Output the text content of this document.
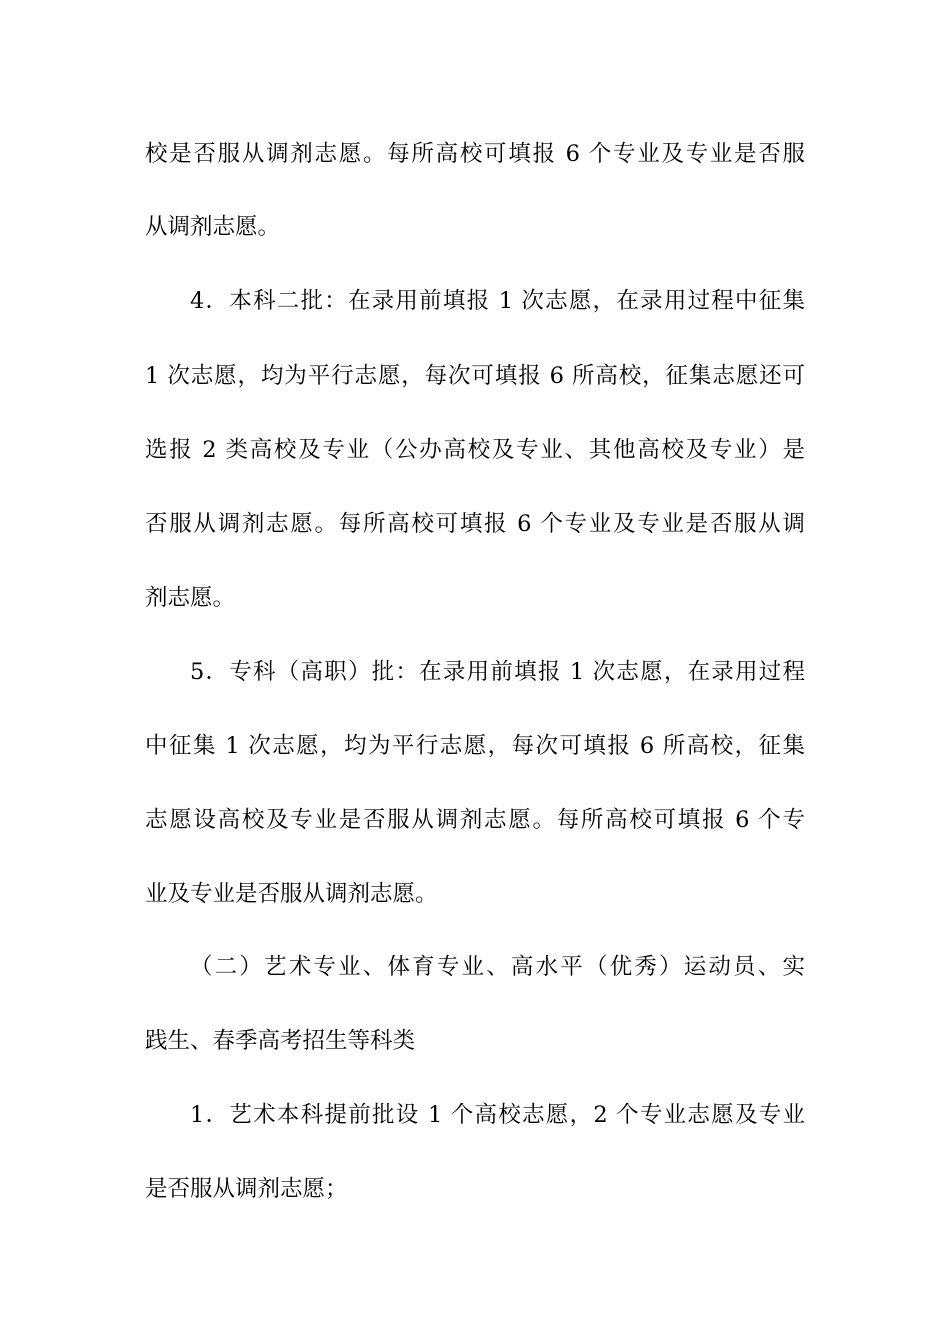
校是否服从调剂志愿。每所高校可填报 6 个专业及专业是否服
从调剂志愿。
4．本科二批：在录用前填报 1 次志愿，在录用过程中征集
1 次志愿，均为平行志愿，每次可填报 6 所高校，征集志愿还可
选报 2 类高校及专业（公办高校及专业、其他高校及专业）是
否服从调剂志愿。每所高校可填报 6 个专业及专业是否服从调
剂志愿。
5．专科（高职）批：在录用前填报 1 次志愿，在录用过程
中征集 1 次志愿，均为平行志愿，每次可填报 6 所高校，征集
志愿设高校及专业是否服从调剂志愿。每所高校可填报 6 个专
业及专业是否服从调剂志愿。
（二）艺术专业、体育专业、高水平（优秀）运动员、实
践生、春季高考招生等科类
1．艺术本科提前批设 1 个高校志愿，2 个专业志愿及专业
是否服从调剂志愿；
